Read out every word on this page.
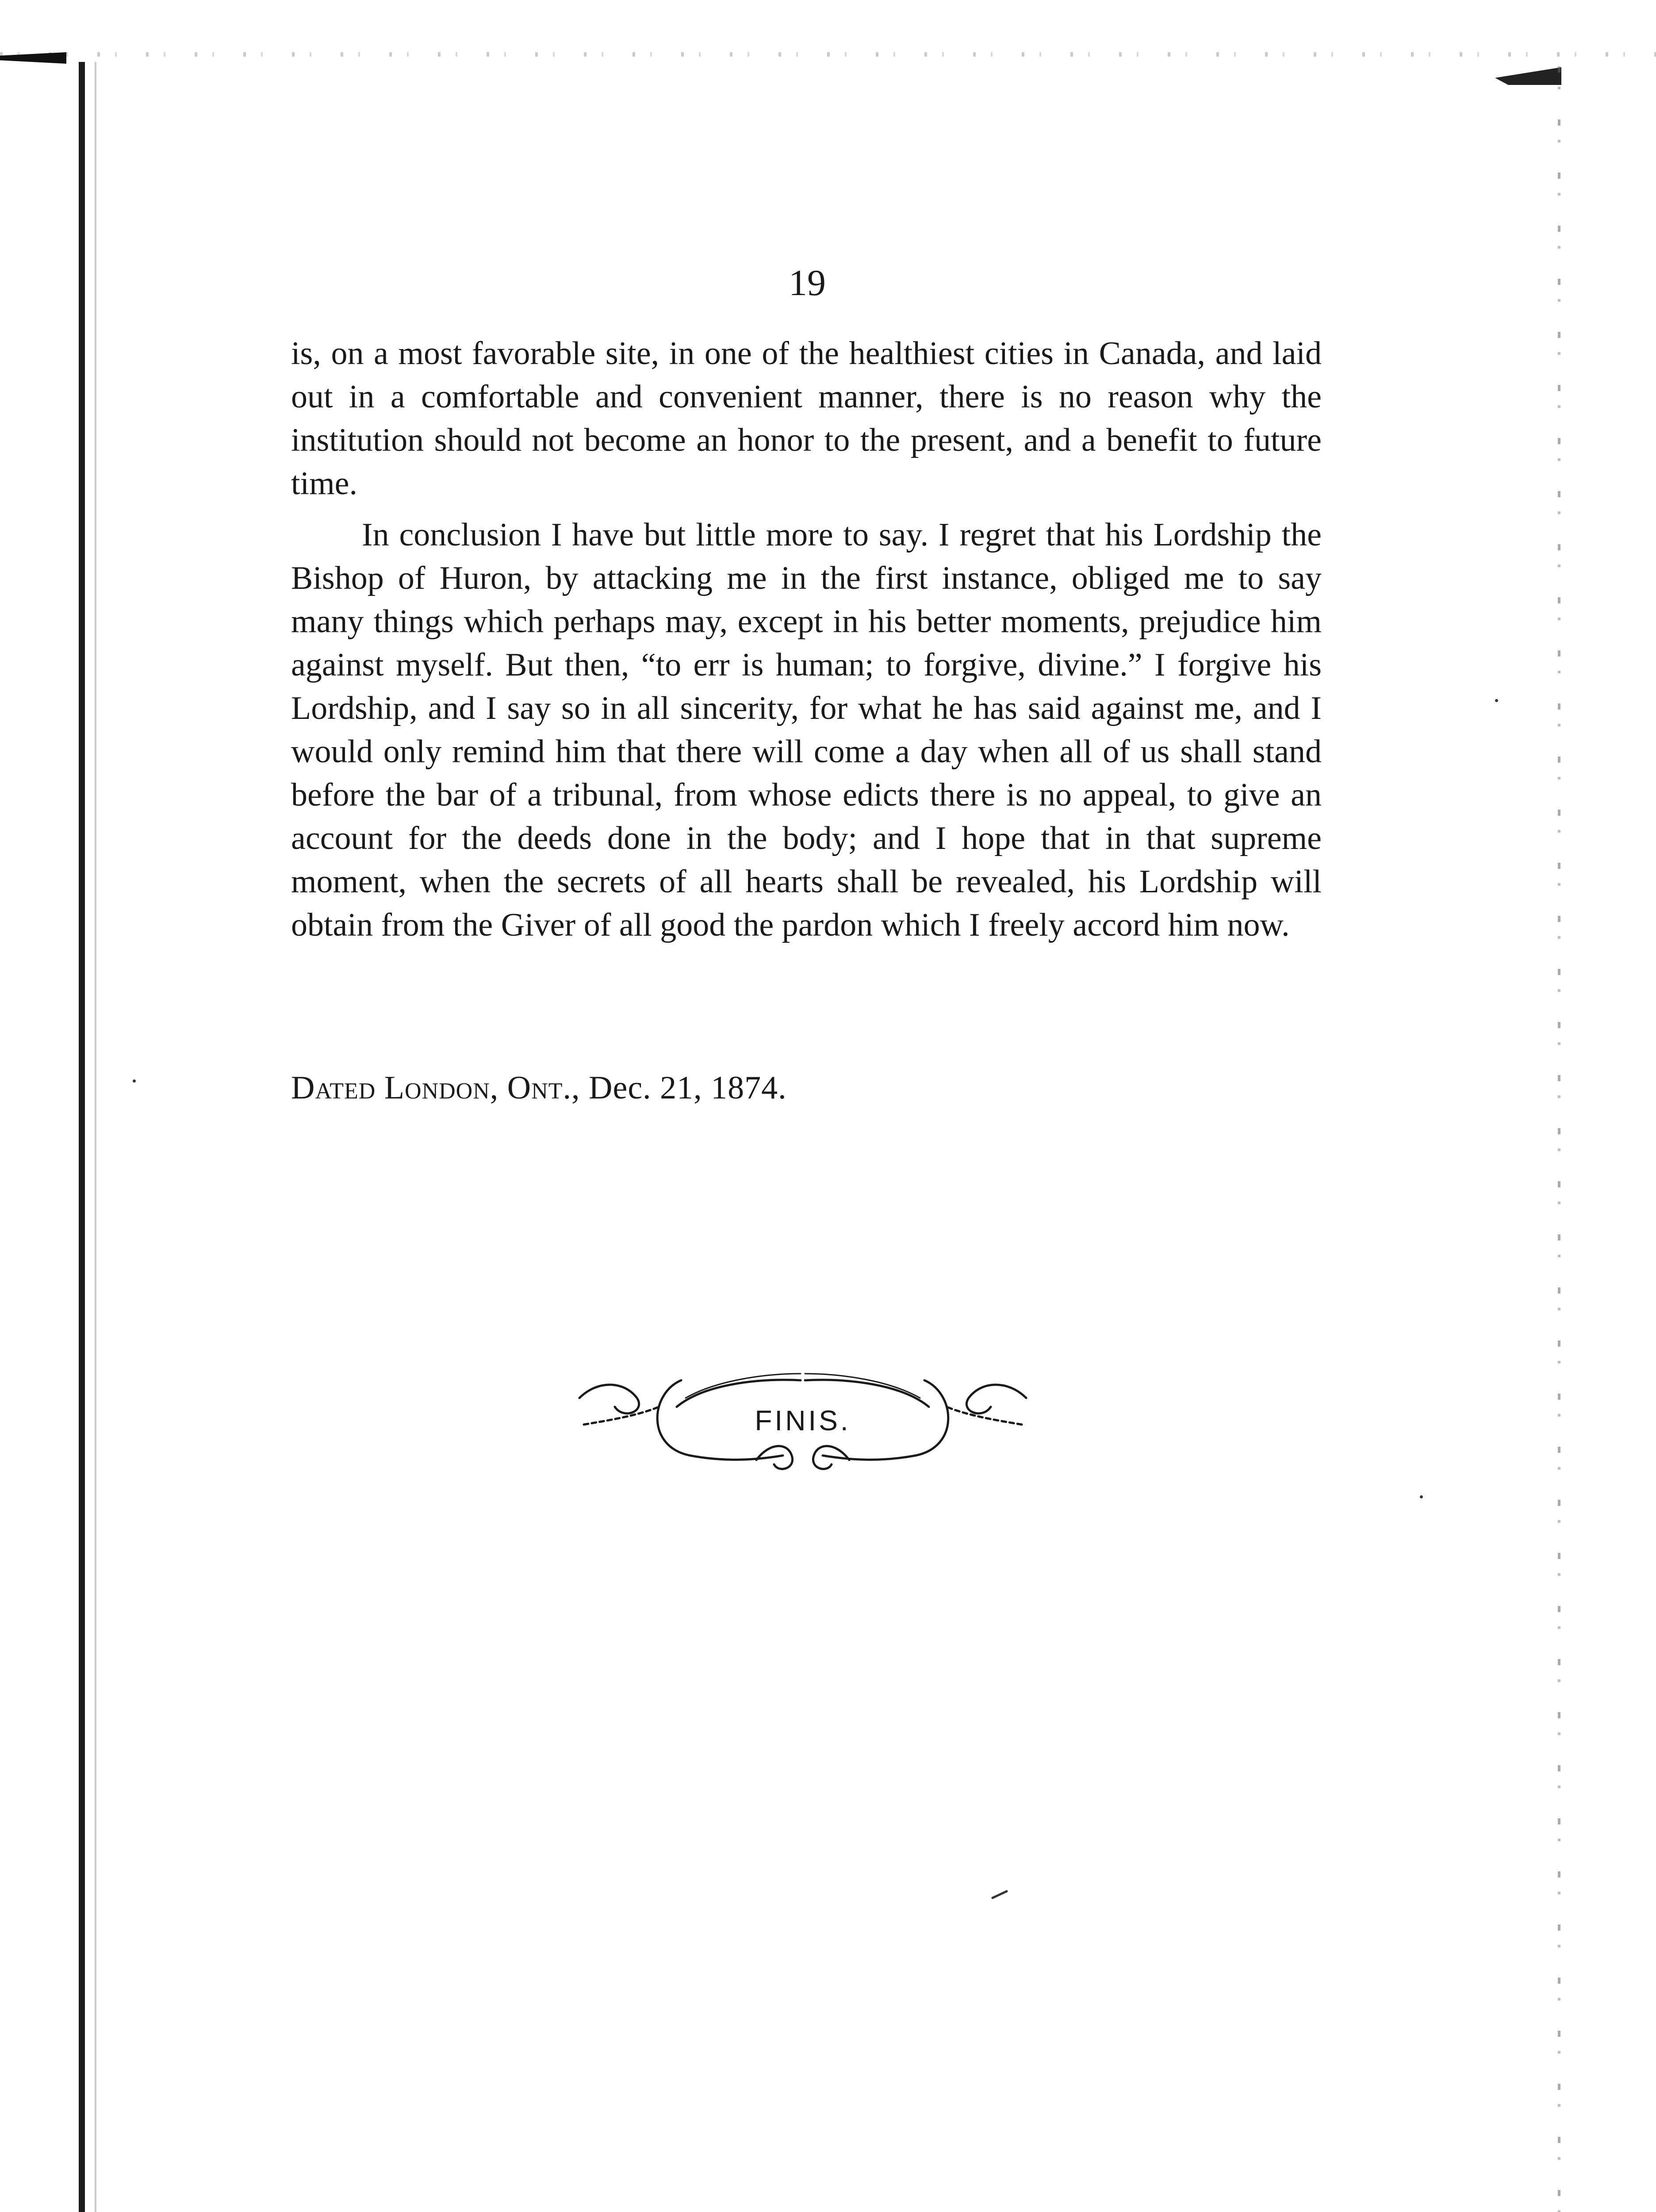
19

is, on a most favorable site, in one of the healthiest cities in Canada, and laid out in a comfortable and convenient manner, there is no reason why the institution should not become an honor to the present, and a benefit to future time.

In conclusion I have but little more to say. I regret that his Lordship the Bishop of Huron, by attacking me in the first instance, obliged me to say many things which perhaps may, except in his better moments, prejudice him against myself. But then, “to err is human; to forgive, divine.” I forgive his Lordship, and I say so in all sincerity, for what he has said against me, and I would only remind him that there will come a day when all of us shall stand before the bar of a tribunal, from whose edicts there is no appeal, to give an account for the deeds done in the body; and I hope that in that supreme moment, when the secrets of all hearts shall be revealed, his Lordship will obtain from the Giver of all good the pardon which I freely accord him now.

Dated London, Ont., Dec. 21, 1874.
FINIS.
